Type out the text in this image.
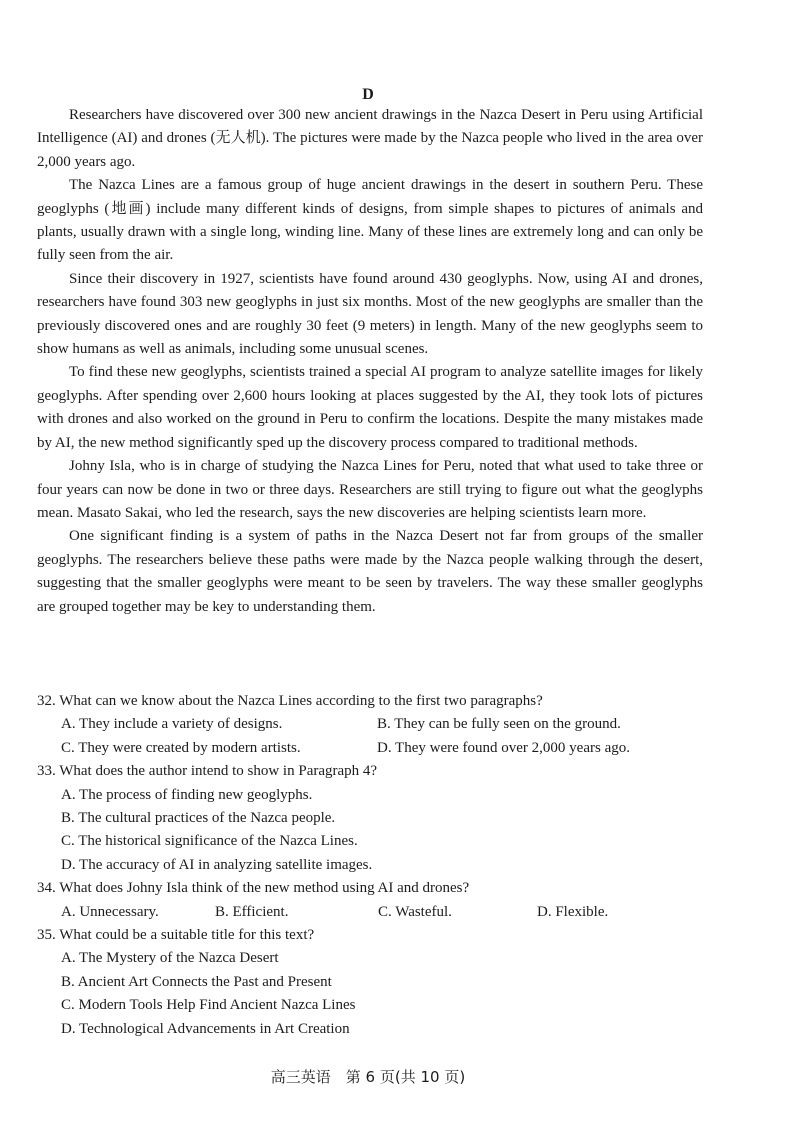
D

Researchers have discovered over 300 new ancient drawings in the Nazca Desert in Peru using Artificial Intelligence (AI) and drones (无人机). The pictures were made by the Nazca people who lived in the area over 2,000 years ago.

The Nazca Lines are a famous group of huge ancient drawings in the desert in southern Peru. These geoglyphs (地画) include many different kinds of designs, from simple shapes to pictures of animals and plants, usually drawn with a single long, winding line. Many of these lines are extremely long and can only be fully seen from the air.

Since their discovery in 1927, scientists have found around 430 geoglyphs. Now, using AI and drones, researchers have found 303 new geoglyphs in just six months. Most of the new geoglyphs are smaller than the previously discovered ones and are roughly 30 feet (9 meters) in length. Many of the new geoglyphs seem to show humans as well as animals, including some unusual scenes.

To find these new geoglyphs, scientists trained a special AI program to analyze satellite images for likely geoglyphs. After spending over 2,600 hours looking at places suggested by the AI, they took lots of pictures with drones and also worked on the ground in Peru to confirm the locations. Despite the many mistakes made by AI, the new method significantly sped up the discovery process compared to traditional methods.

Johny Isla, who is in charge of studying the Nazca Lines for Peru, noted that what used to take three or four years can now be done in two or three days. Researchers are still trying to figure out what the geoglyphs mean. Masato Sakai, who led the research, says the new discoveries are helping scientists learn more.

One significant finding is a system of paths in the Nazca Desert not far from groups of the smaller geoglyphs. The researchers believe these paths were made by the Nazca people walking through the desert, suggesting that the smaller geoglyphs were meant to be seen by travelers. The way these smaller geoglyphs are grouped together may be key to understanding them.

32. What can we know about the Nazca Lines according to the first two paragraphs?
A. They include a variety of designs.	B. They can be fully seen on the ground.
C. They were created by modern artists.	D. They were found over 2,000 years ago.
33. What does the author intend to show in Paragraph 4?
A. The process of finding new geoglyphs.
B. The cultural practices of the Nazca people.
C. The historical significance of the Nazca Lines.
D. The accuracy of AI in analyzing satellite images.
34. What does Johny Isla think of the new method using AI and drones?
A. Unnecessary.	B. Efficient.	C. Wasteful.	D. Flexible.
35. What could be a suitable title for this text?
A. The Mystery of the Nazca Desert
B. Ancient Art Connects the Past and Present
C. Modern Tools Help Find Ancient Nazca Lines
D. Technological Advancements in Art Creation
高三英语　第 6 页(共 10 页)
